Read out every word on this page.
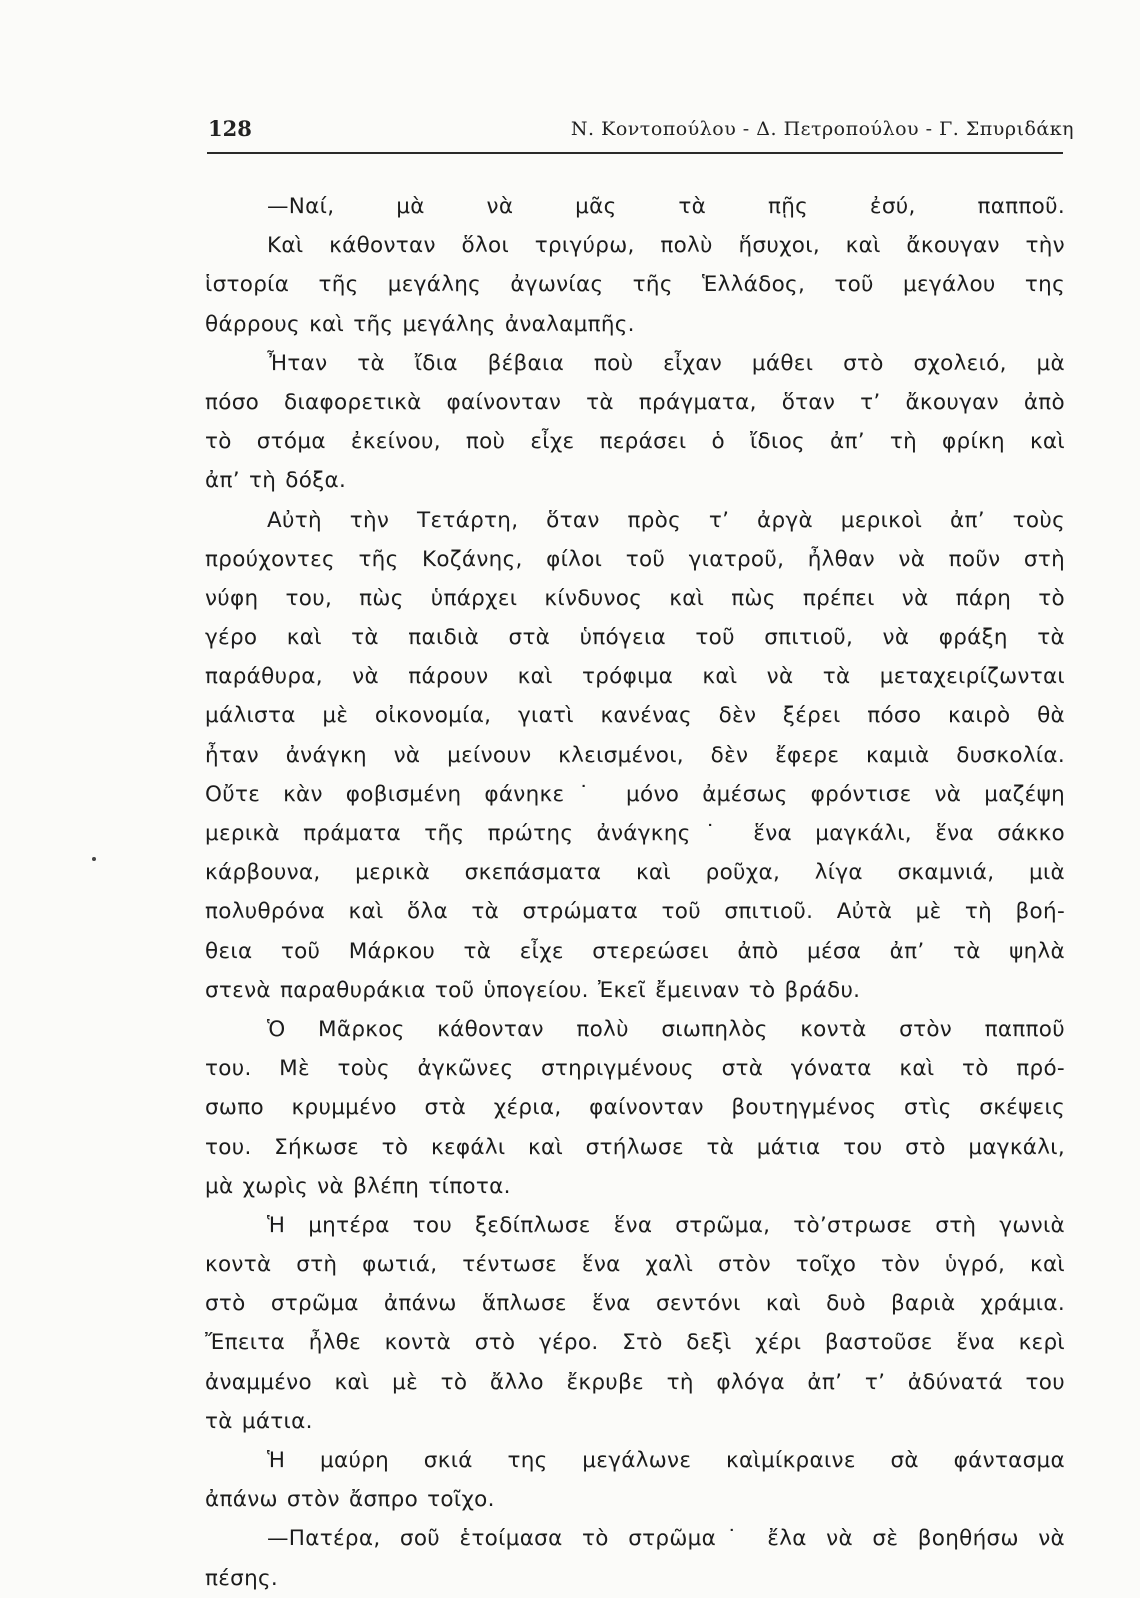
128	Ν. Κοντοπούλου - Δ. Πετροπούλου - Γ. Σπυριδάκη
—Ναί, μὰ νὰ μᾶς τὰ πῇς ἐσύ, παπποῦ.
Καὶ κάθονταν ὅλοι τριγύρω, πολὺ ἥσυχοι, καὶ ἄκουγαν τὴν
ἱστορία τῆς μεγάλης ἀγωνίας τῆς Ἑλλάδος, τοῦ μεγάλου της
θάρρους καὶ τῆς μεγάλης ἀναλαμπῆς.
Ἦταν τὰ ἴδια βέβαια ποὺ εἶχαν μάθει στὸ σχολειό, μὰ
πόσο διαφορετικὰ φαίνονταν τὰ πράγματα, ὅταν τ’ ἄκουγαν ἀπὸ
τὸ στόμα ἐκείνου, ποὺ εἶχε περάσει ὁ ἴδιος ἀπ’ τὴ φρίκη καὶ
ἀπ’ τὴ δόξα.
Αὐτὴ τὴν Τετάρτη, ὅταν πρὸς τ’ ἀργὰ μερικοὶ ἀπ’ τοὺς
προύχοντες τῆς Κοζάνης, φίλοι τοῦ γιατροῦ, ἦλθαν νὰ ποῦν στὴ
νύφη του, πὼς ὑπάρχει κίνδυνος καὶ πὼς πρέπει νὰ πάρη τὸ
γέρο καὶ τὰ παιδιὰ στὰ ὑπόγεια τοῦ σπιτιοῦ, νὰ φράξη τὰ
παράθυρα, νὰ πάρουν καὶ τρόφιμα καὶ νὰ τὰ μεταχειρίζωνται
μάλιστα μὲ οἰκονομία, γιατὶ κανένας δὲν ξέρει πόσο καιρὸ θὰ
ἦταν ἀνάγκη νὰ μείνουν κλεισμένοι, δὲν ἔφερε καμιὰ δυσκολία.
Οὔτε κὰν φοβισμένη φάνηκε˙ μόνο ἀμέσως φρόντισε νὰ μαζέψη
μερικὰ πράματα τῆς πρώτης ἀνάγκης˙ ἕνα μαγκάλι, ἕνα σάκκο
κάρβουνα, μερικὰ σκεπάσματα καὶ ροῦχα, λίγα σκαμνιά, μιὰ
πολυθρόνα καὶ ὅλα τὰ στρώματα τοῦ σπιτιοῦ. Αὐτὰ μὲ τὴ βοή-
θεια τοῦ Μάρκου τὰ εἶχε στερεώσει ἀπὸ μέσα ἀπ’ τὰ ψηλὰ
στενὰ παραθυράκια τοῦ ὑπογείου. Ἐκεῖ ἔμειναν τὸ βράδυ.
Ὁ Μᾶρκος κάθονταν πολὺ σιωπηλὸς κοντὰ στὸν παπποῦ
του. Μὲ τοὺς ἀγκῶνες στηριγμένους στὰ γόνατα καὶ τὸ πρό-
σωπο κρυμμένο στὰ χέρια, φαίνονταν βουτηγμένος στὶς σκέψεις
του. Σήκωσε τὸ κεφάλι καὶ στήλωσε τὰ μάτια του στὸ μαγκάλι,
μὰ χωρὶς νὰ βλέπη τίποτα.
Ἡ μητέρα του ξεδίπλωσε ἕνα στρῶμα, τὸ’στρωσε στὴ γωνιὰ
κοντὰ στὴ φωτιά, τέντωσε ἕνα χαλὶ στὸν τοῖχο τὸν ὑγρό, καὶ
στὸ στρῶμα ἀπάνω ἅπλωσε ἕνα σεντόνι καὶ δυὸ βαριὰ χράμια.
Ἔπειτα ἦλθε κοντὰ στὸ γέρο. Στὸ δεξὶ χέρι βαστοῦσε ἕνα κερὶ
ἀναμμένο καὶ μὲ τὸ ἄλλο ἔκρυβε τὴ φλόγα ἀπ’ τ’ ἀδύνατά του
τὰ μάτια.
Ἡ μαύρη σκιά της μεγάλωνε καὶμίκραινε σὰ φάντασμα
ἀπάνω στὸν ἄσπρο τοῖχο.
—Πατέρα, σοῦ ἑτοίμασα τὸ στρῶμα˙ ἔλα νὰ σὲ βοηθήσω νὰ
πέσης.
